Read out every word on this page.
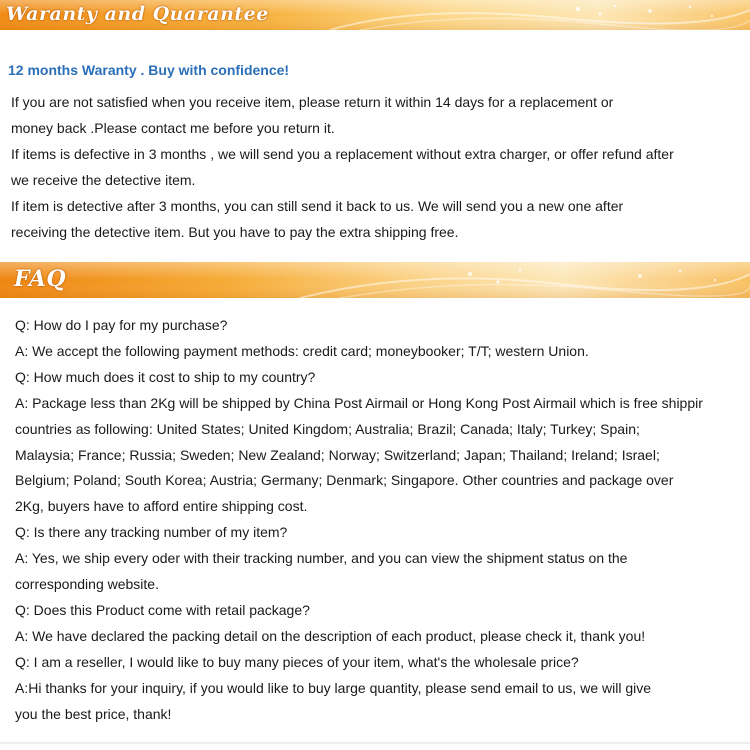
Waranty and Quarantee
12 months Waranty . Buy with confidence!
If you are not satisfied when you receive item, please return it within 14 days for a replacement or
money back .Please contact me before you return it.
If items is defective in 3 months , we will send you a replacement without extra charger, or offer refund after
we receive the detective item.
If item is detective after 3 months, you can still send it back to us. We will send you a new one after
receiving the detective item. But you have to pay the extra shipping free.
FAQ
Q: How do I pay for my purchase?
A: We accept the following payment methods: credit card; moneybooker; T/T; western Union.
Q: How much does it cost to ship to my country?
A: Package less than 2Kg will be shipped by China Post Airmail or Hong Kong Post Airmail which is free shippir
countries as following: United States; United Kingdom; Australia; Brazil; Canada; Italy; Turkey; Spain;
Malaysia; France; Russia; Sweden; New Zealand; Norway; Switzerland; Japan; Thailand; Ireland; Israel;
Belgium; Poland; South Korea; Austria; Germany; Denmark; Singapore. Other countries and package over
2Kg, buyers have to afford entire shipping cost.
Q: Is there any tracking number of my item?
A: Yes, we ship every oder with their tracking number, and you can view the shipment status on the
corresponding website.
Q: Does this Product come with retail package?
A: We have declared the packing detail on the description of each product, please check it, thank you!
Q: I am a reseller, I would like to buy many pieces of your item, what's the wholesale price?
A:Hi thanks for your inquiry, if you would like to buy large quantity, please send email to us, we will give
you the best price, thank!
